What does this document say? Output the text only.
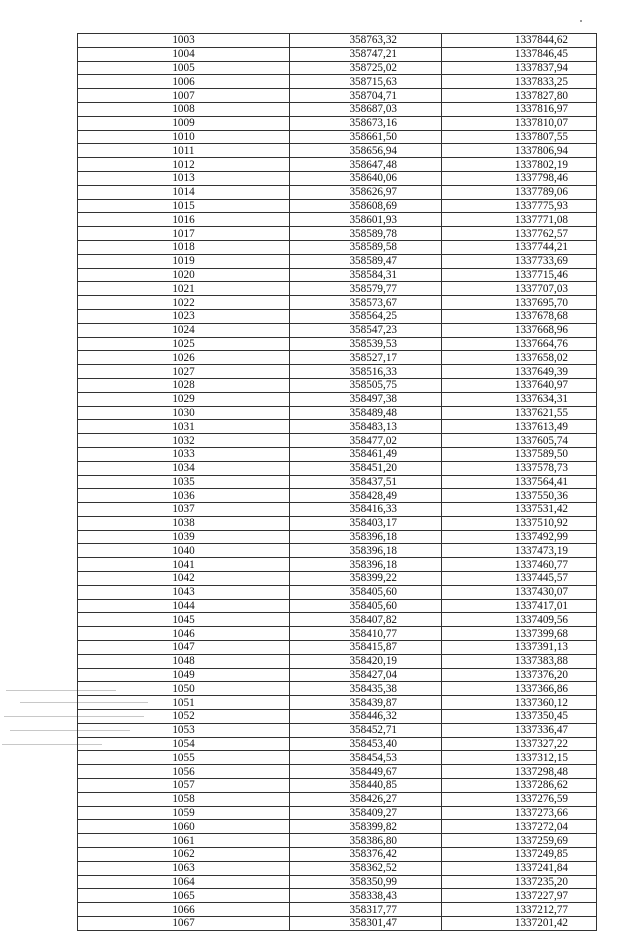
1003	358763,32	1337844,62
1004	358747,21	1337846,45
1005	358725,02	1337837,94
1006	358715,63	1337833,25
1007	358704,71	1337827,80
1008	358687,03	1337816,97
1009	358673,16	1337810,07
1010	358661,50	1337807,55
1011	358656,94	1337806,94
1012	358647,48	1337802,19
1013	358640,06	1337798,46
1014	358626,97	1337789,06
1015	358608,69	1337775,93
1016	358601,93	1337771,08
1017	358589,78	1337762,57
1018	358589,58	1337744,21
1019	358589,47	1337733,69
1020	358584,31	1337715,46
1021	358579,77	1337707,03
1022	358573,67	1337695,70
1023	358564,25	1337678,68
1024	358547,23	1337668,96
1025	358539,53	1337664,76
1026	358527,17	1337658,02
1027	358516,33	1337649,39
1028	358505,75	1337640,97
1029	358497,38	1337634,31
1030	358489,48	1337621,55
1031	358483,13	1337613,49
1032	358477,02	1337605,74
1033	358461,49	1337589,50
1034	358451,20	1337578,73
1035	358437,51	1337564,41
1036	358428,49	1337550,36
1037	358416,33	1337531,42
1038	358403,17	1337510,92
1039	358396,18	1337492,99
1040	358396,18	1337473,19
1041	358396,18	1337460,77
1042	358399,22	1337445,57
1043	358405,60	1337430,07
1044	358405,60	1337417,01
1045	358407,82	1337409,56
1046	358410,77	1337399,68
1047	358415,87	1337391,13
1048	358420,19	1337383,88
1049	358427,04	1337376,20
1050	358435,38	1337366,86
1051	358439,87	1337360,12
1052	358446,32	1337350,45
1053	358452,71	1337336,47
1054	358453,40	1337327,22
1055	358454,53	1337312,15
1056	358449,67	1337298,48
1057	358440,85	1337286,62
1058	358426,27	1337276,59
1059	358409,27	1337273,66
1060	358399,82	1337272,04
1061	358386,80	1337259,69
1062	358376,42	1337249,85
1063	358362,52	1337241,84
1064	358350,99	1337235,20
1065	358338,43	1337227,97
1066	358317,77	1337212,77
1067	358301,47	1337201,42
